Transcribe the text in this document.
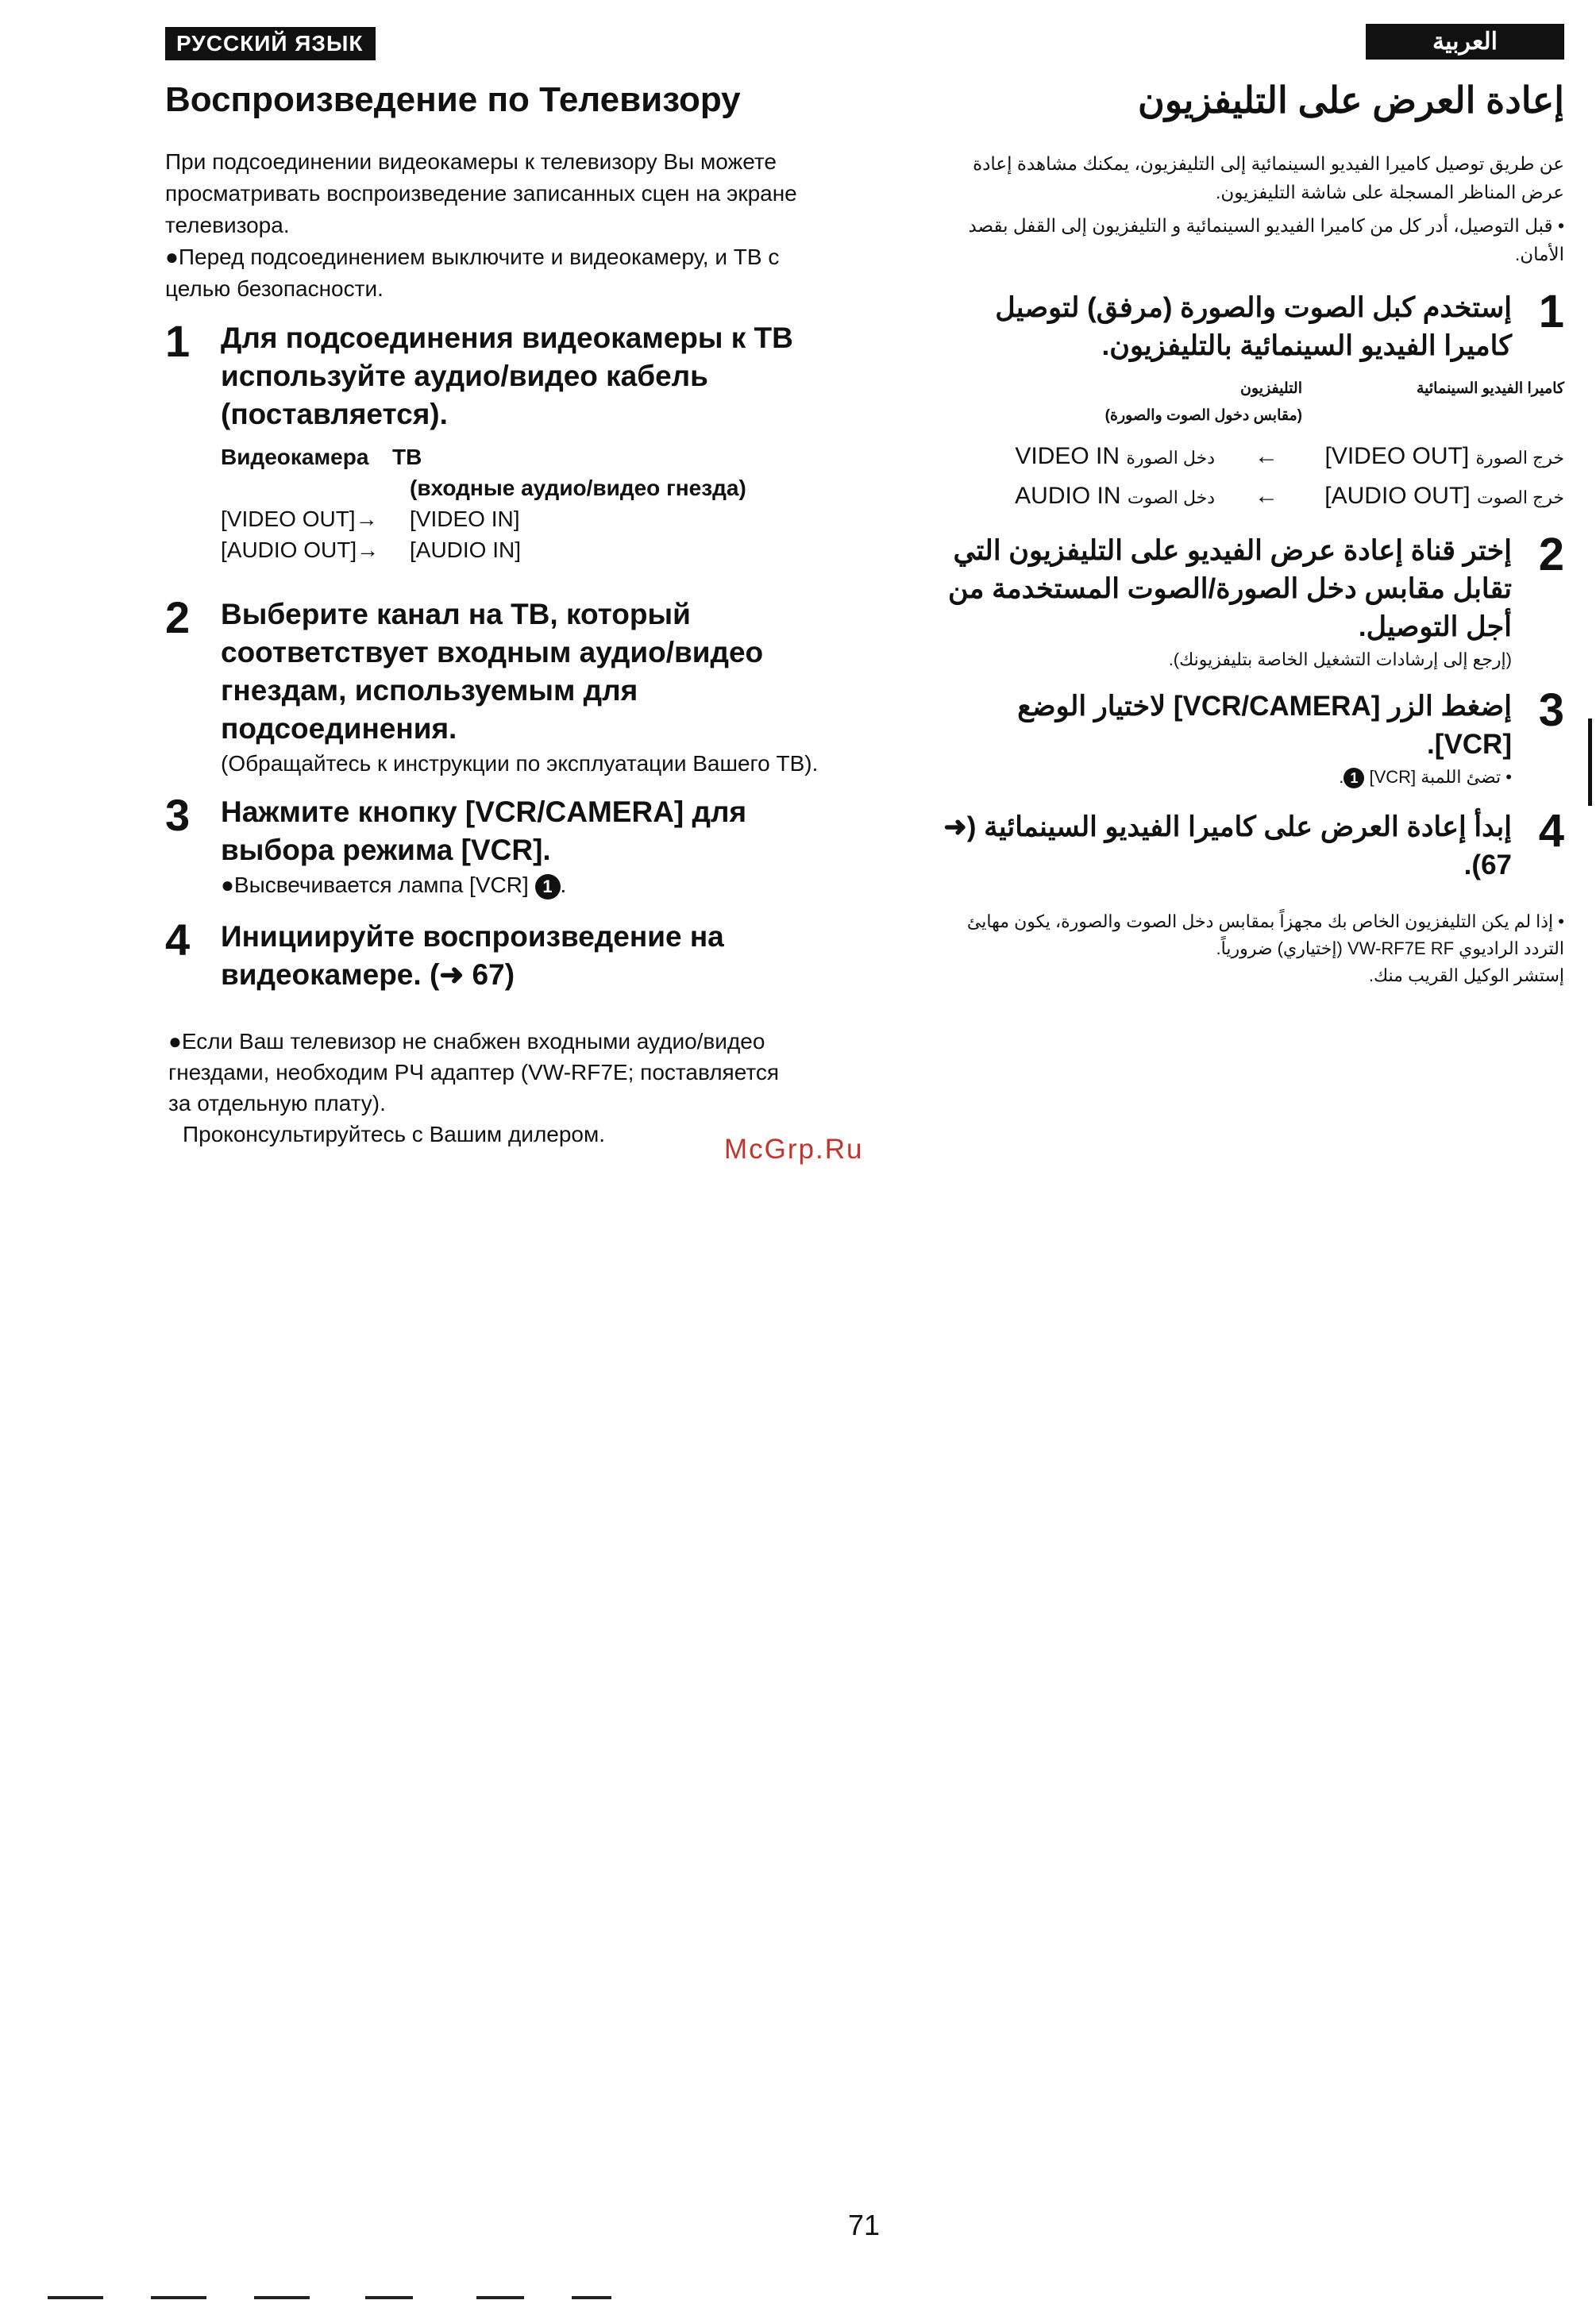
РУССКИЙ ЯЗЫК
Воспроизведение по Телевизору

При подсоединении видеокамеры к телевизору Вы можете просматривать воспроизведение записанных сцен на экране телевизора.

●Перед подсоединением выключите и видеокамеру, и ТВ с целью безопасности.

1 Для подсоединения видеокамеры к ТВ используйте аудио/видео кабель (поставляется).
Видеокамера ТВ
(входные аудио/видео гнезда)
[VIDEO OUT]→ [VIDEO IN]
[AUDIO OUT]→ [AUDIO IN]
2 Выберите канал на ТВ, который соответствует входным аудио/видео гнездам, используемым для подсоединения.
(Обращайтесь к инструкции по эксплуатации Вашего ТВ).
3 Нажмите кнопку [VCR/CAMERA] для выбора режима [VCR].
●Высвечивается лампа [VCR] 1 .
4 Инициируйте воспроизведение на видеокамере. (➜ 67)
●Если Ваш телевизор не снабжен входными аудио/видео гнездами, необходим РЧ адаптер (VW-RF7E; поставляется за отдельную плату).
Проконсультируйтесь с Вашим дилером.
العربية
إعادة العرض على التليفزيون

عن طريق توصيل كاميرا الفيديو السينمائية إلى التليفزيون، يمكنك مشاهدة إعادة عرض المناظر المسجلة على شاشة التليفزيون.

• قبل التوصيل، أدر كل من كاميرا الفيديو السينمائية و التليفزيون إلى القفل بقصد الأمان.

1
إستخدم كبل الصوت والصورة (مرفق) لتوصيل كاميرا الفيديو السينمائية بالتليفزيون.
كاميرا الفيديو السينمائية
التليفزيون
(مقابس دخول الصوت والصورة)
[VIDEO OUT] خرج الصورة
←
VIDEO IN دخل الصورة
[AUDIO OUT] خرج الصوت
←
AUDIO IN دخل الصوت
2
إختر قناة إعادة عرض الفيديو على التليفزيون التي تقابل مقابس دخل الصورة/الصوت المستخدمة من أجل التوصيل.
(إرجع إلى إرشادات التشغيل الخاصة بتليفزيونك).
3
إضغط الزر [VCR/CAMERA] لاختيار الوضع [VCR].
• تضئ اللمبة [VCR] 1.
4
إبدأ إعادة العرض على كاميرا الفيديو السينمائية (➜ 67).
• إذا لم يكن التليفزيون الخاص بك مجهزاً بمقابس دخل الصوت والصورة، يكون مهايئ التردد الراديوي RF ‏VW-RF7E (إختياري) ضرورياً.
إستشر الوكيل القريب منك.
McGrp.Ru
71
